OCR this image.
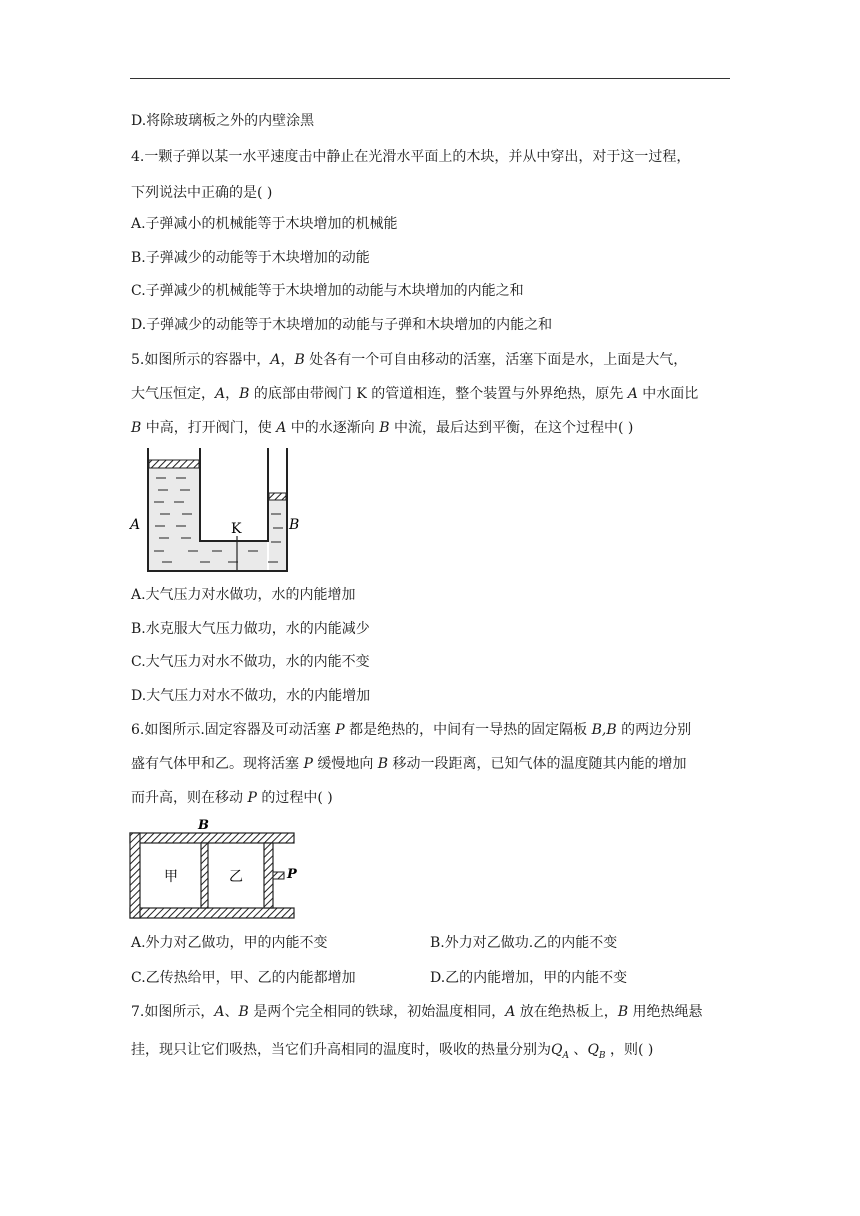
D.将除玻璃板之外的内壁涂黑
4.一颗子弹以某一水平速度击中静止在光滑水平面上的木块，并从中穿出，对于这一过程，
下列说法中正确的是( )
A.子弹减小的机械能等于木块增加的机械能
B.子弹减少的动能等于木块增加的动能
C.子弹减少的机械能等于木块增加的动能与木块增加的内能之和
D.子弹减少的动能等于木块增加的动能与子弹和木块增加的内能之和
5.如图所示的容器中，A，B 处各有一个可自由移动的活塞，活塞下面是水，上面是大气，
大气压恒定，A，B 的底部由带阀门 K 的管道相连，整个装置与外界绝热，原先 A 中水面比
B 中高，打开阀门，使 A 中的水逐渐向 B 中流，最后达到平衡，在这个过程中( )
K
A	B
A.大气压力对水做功，水的内能增加
B.水克服大气压力做功，水的内能减少
C.大气压力对水不做功，水的内能不变
D.大气压力对水不做功，水的内能增加
6.如图所示.固定容器及可动活塞 P 都是绝热的，中间有一导热的固定隔板 B,B 的两边分别
盛有气体甲和乙。现将活塞 P 缓慢地向 B 移动一段距离，已知气体的温度随其内能的增加
而升高，则在移动 P 的过程中( )
B
P
甲	乙
A.外力对乙做功，甲的内能不变	B.外力对乙做功.乙的内能不变
C.乙传热给甲，甲、乙的内能都增加	D.乙的内能增加，甲的内能不变
7.如图所示，A、B 是两个完全相同的铁球，初始温度相同，A 放在绝热板上，B 用绝热绳悬
挂，现只让它们吸热，当它们升高相同的温度时，吸收的热量分别为$Q_A$ 、$Q_B$ ，则( )
